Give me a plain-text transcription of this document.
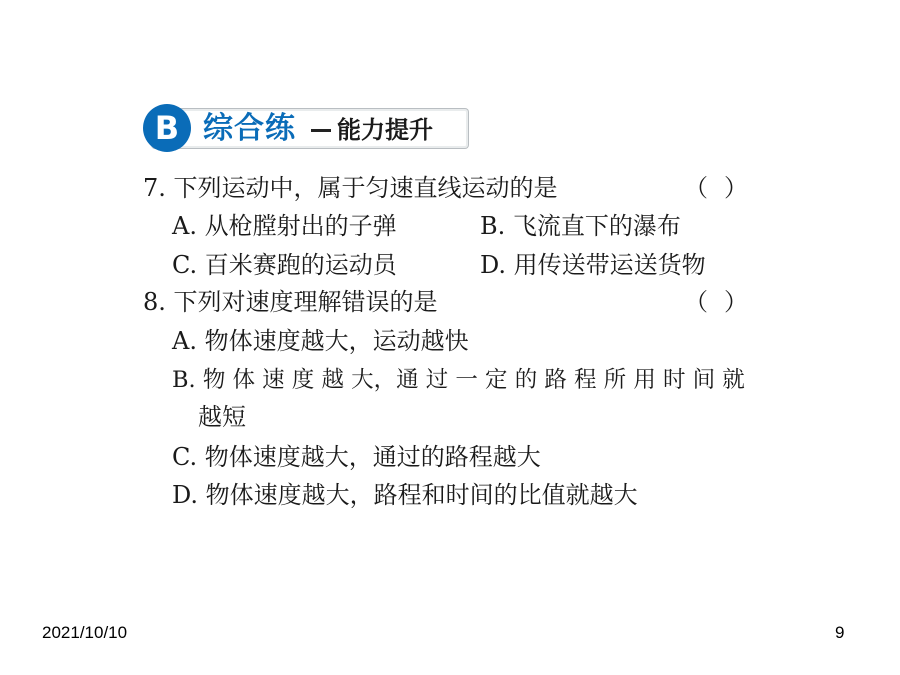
B 综合练 能力提升
7. 下列运动中，属于匀速直线运动的是	（ ）
A. 从枪膛射出的子弹	B. 飞流直下的瀑布
C. 百米赛跑的运动员	D. 用传送带运送货物
8. 下列对速度理解错误的是	（ ）
A. 物体速度越大，运动越快
B. 物 体 速 度 越 大，通 过 一 定 的 路 程 所 用 时 间 就
越短
C. 物体速度越大，通过的路程越大
D. 物体速度越大，路程和时间的比值就越大
2021/10/10	9
